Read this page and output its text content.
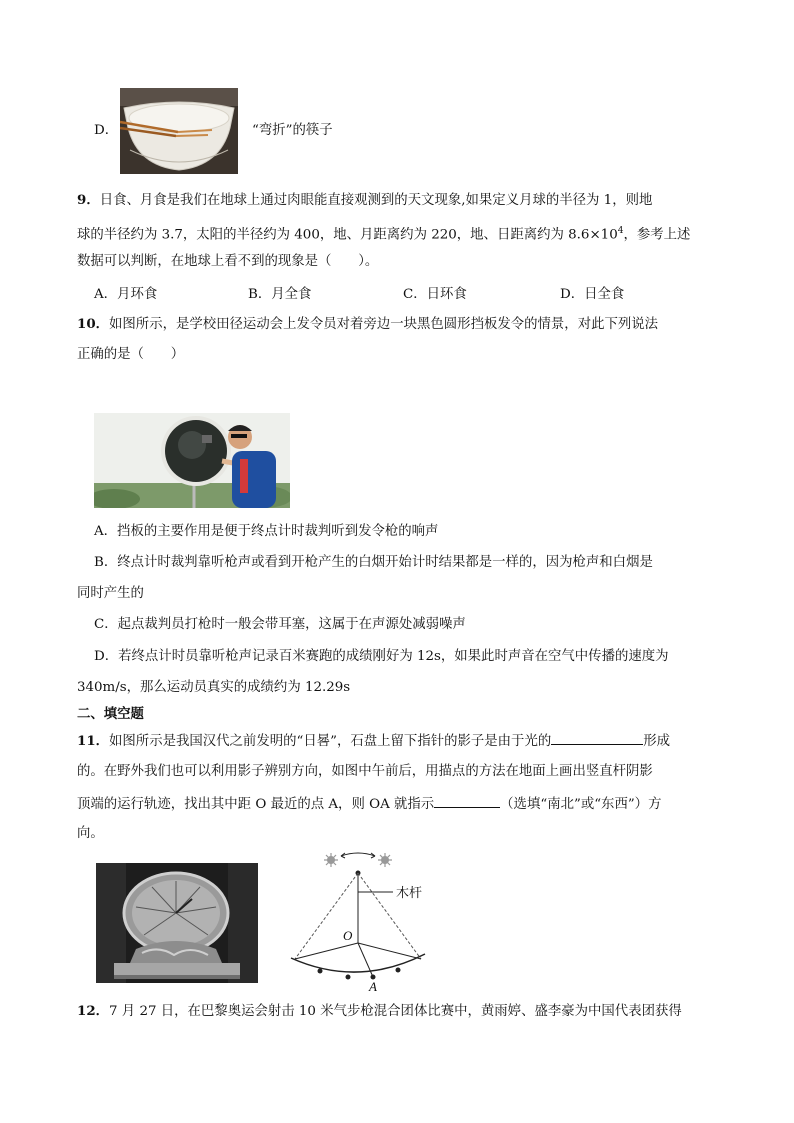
D．	“弯折”的筷子
9．日食、月食是我们在地球上通过肉眼能直接观测到的天文现象,如果定义月球的半径为 1，则地
球的半径约为 3.7，太阳的半径约为 400，地、月距离约为 220，地、日距离约为 $8.6\times 10^4$，参考上述
数据可以判断，在地球上看不到的现象是（　　）。
A．月环食	B．月全食	C．日环食	D．日全食
10．如图所示，是学校田径运动会上发令员对着旁边一块黑色圆形挡板发令的情景，对此下列说法
正确的是（　　）
A．挡板的主要作用是便于终点计时裁判听到发令枪的响声
B．终点计时裁判靠听枪声或看到开枪产生的白烟开始计时结果都是一样的，因为枪声和白烟是
同时产生的
C．起点裁判员打枪时一般会带耳塞，这属于在声源处减弱噪声
D．若终点计时员靠听枪声记录百米赛跑的成绩刚好为 12s，如果此时声音在空气中传播的速度为
340m/s，那么运动员真实的成绩约为 12.29s
二、填空题
11．如图所示是我国汉代之前发明的“日晷”，石盘上留下指针的影子是由于光的	形成
的。在野外我们也可以利用影子辨别方向，如图中午前后，用描点的方法在地面上画出竖直杆阴影
顶端的运行轨迹，找出其中距 O 最近的点 A，则 OA 就指示	（选填“南北”或“东西”）方
向。
木杆
O
A
12．7 月 27 日，在巴黎奥运会射击 10 米气步枪混合团体比赛中，黄雨婷、盛李豪为中国代表团获得
